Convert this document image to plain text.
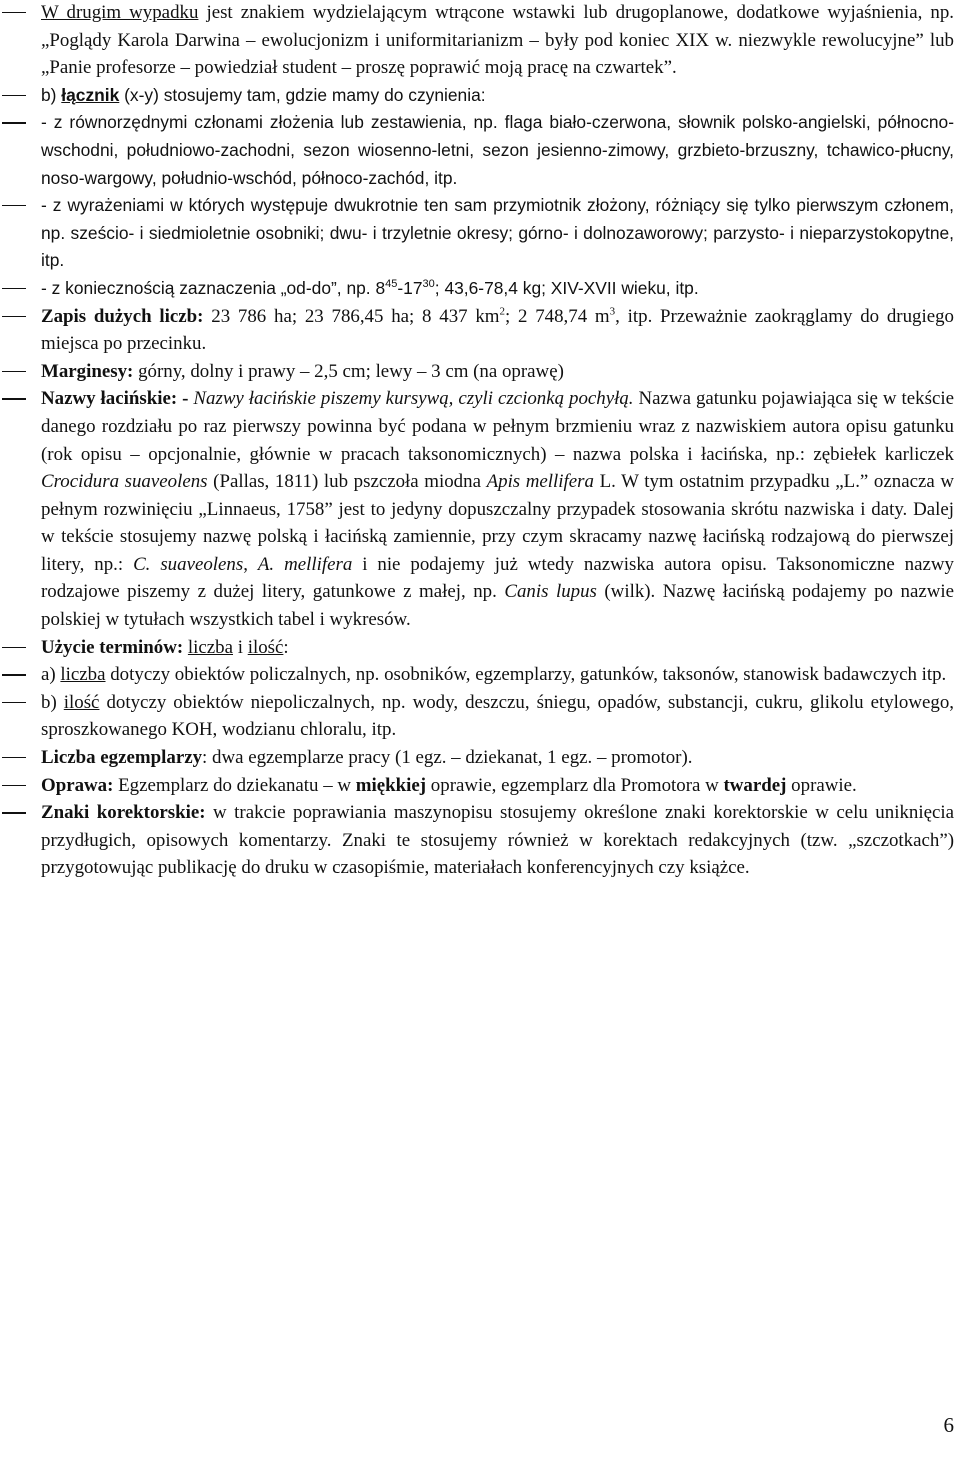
W drugim wypadku jest znakiem wydzielającym wtrącone wstawki lub drugoplanowe, dodatkowe wyjaśnienia, np. „Poglądy Karola Darwina – ewolucjonizm i uniformitarianizm – były pod koniec XIX w. niezwykle rewolucyjne” lub „Panie profesorze – powiedział student – proszę poprawić moją pracę na czwartek”.

b) łącznik (x-y) stosujemy tam, gdzie mamy do czynienia:

- z równorzędnymi członami złożenia lub zestawienia, np. flaga biało-czerwona, słownik polsko-angielski, północno-wschodni, południowo-zachodni, sezon wiosenno-letni, sezon jesienno-zimowy, grzbieto-brzuszny, tchawico-płucny, noso-wargowy, południo-wschód, północo-zachód, itp.

- z wyrażeniami w których występuje dwukrotnie ten sam przymiotnik złożony, różniący się tylko pierwszym członem, np. sześcio- i siedmioletnie osobniki; dwu- i trzyletnie okresy; górno- i dolnozaworowy; parzysto- i nieparzystokopytne, itp.

- z koniecznością zaznaczenia „od-do”, np. $8^{45}-17^{30}$; 43,6-78,4 kg; XIV-XVII wieku, itp.

Zapis dużych liczb: 23 786 ha; 23 786,45 ha; 8 437 $km^2$; 2 748,74 $m^3$, itp. Przeważnie zaokrąglamy do drugiego miejsca po przecinku.

Marginesy: górny, dolny i prawy – 2,5 cm; lewy – 3 cm (na oprawę)

Nazwy łacińskie: - Nazwy łacińskie piszemy kursywą, czyli czcionką pochyłą. Nazwa gatunku pojawiająca się w tekście danego rozdziału po raz pierwszy powinna być podana w pełnym brzmieniu wraz z nazwiskiem autora opisu gatunku (rok opisu – opcjonalnie, głównie w pracach taksonomicznych) – nazwa polska i łacińska, np.: zębiełek karliczek Crocidura suaveolens (Pallas, 1811) lub pszczoła miodna Apis mellifera L. W tym ostatnim przypadku „L.” oznacza w pełnym rozwinięciu „Linnaeus, 1758” jest to jedyny dopuszczalny przypadek stosowania skrótu nazwiska i daty. Dalej w tekście stosujemy nazwę polską i łacińską zamiennie, przy czym skracamy nazwę łacińską rodzajową do pierwszej litery, np.: C. suaveolens, A. mellifera i nie podajemy już wtedy nazwiska autora opisu. Taksonomiczne nazwy rodzajowe piszemy z dużej litery, gatunkowe z małej, np. Canis lupus (wilk). Nazwę łacińską podajemy po nazwie polskiej w tytułach wszystkich tabel i wykresów.

Użycie terminów: liczba i ilość:

a) liczba dotyczy obiektów policzalnych, np. osobników, egzemplarzy, gatunków, taksonów, stanowisk badawczych itp.

b) ilość dotyczy obiektów niepoliczalnych, np. wody, deszczu, śniegu, opadów, substancji, cukru, glikolu etylowego, sproszkowanego KOH, wodzianu chloralu, itp.

Liczba egzemplarzy: dwa egzemplarze pracy (1 egz. – dziekanat, 1 egz. – promotor).

Oprawa: Egzemplarz do dziekanatu – w miękkiej oprawie, egzemplarz dla Promotora w twardej oprawie.

Znaki korektorskie: w trakcie poprawiania maszynopisu stosujemy określone znaki korektorskie w celu uniknięcia przydługich, opisowych komentarzy. Znaki te stosujemy również w korektach redakcyjnych (tzw. „szczotkach”) przygotowując publikację do druku w czasopiśmie, materiałach konferencyjnych czy książce.

6
